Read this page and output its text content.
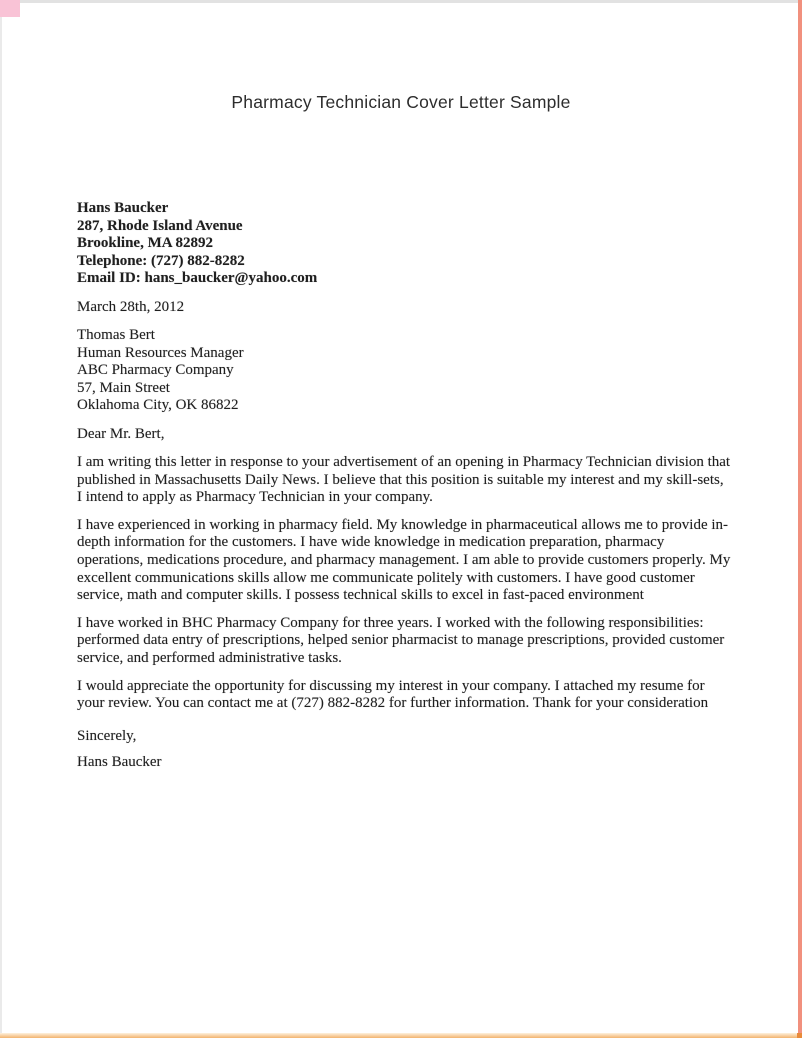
Pharmacy Technician Cover Letter Sample
Hans Baucker
287, Rhode Island Avenue
Brookline, MA 82892
Telephone: (727) 882-8282
Email ID: hans_baucker@yahoo.com
March 28th, 2012
Thomas Bert
Human Resources Manager
ABC Pharmacy Company
57, Main Street
Oklahoma City, OK 86822
Dear Mr. Bert,

I am writing this letter in response to your advertisement of an opening in Pharmacy Technician division that published in Massachusetts Daily News. I believe that this position is suitable my interest and my skill-sets, I intend to apply as Pharmacy Technician in your company.

I have experienced in working in pharmacy field. My knowledge in pharmaceutical allows me to provide in-depth information for the customers. I have wide knowledge in medication preparation, pharmacy operations, medications procedure, and pharmacy management. I am able to provide customers properly. My excellent communications skills allow me communicate politely with customers. I have good customer service, math and computer skills. I possess technical skills to excel in fast-paced environment

I have worked in BHC Pharmacy Company for three years. I worked with the following responsibilities: performed data entry of prescriptions, helped senior pharmacist to manage prescriptions, provided customer service, and performed administrative tasks.

I would appreciate the opportunity for discussing my interest in your company. I attached my resume for your review. You can contact me at (727) 882-8282 for further information. Thank for your consideration

Sincerely,
Hans Baucker
